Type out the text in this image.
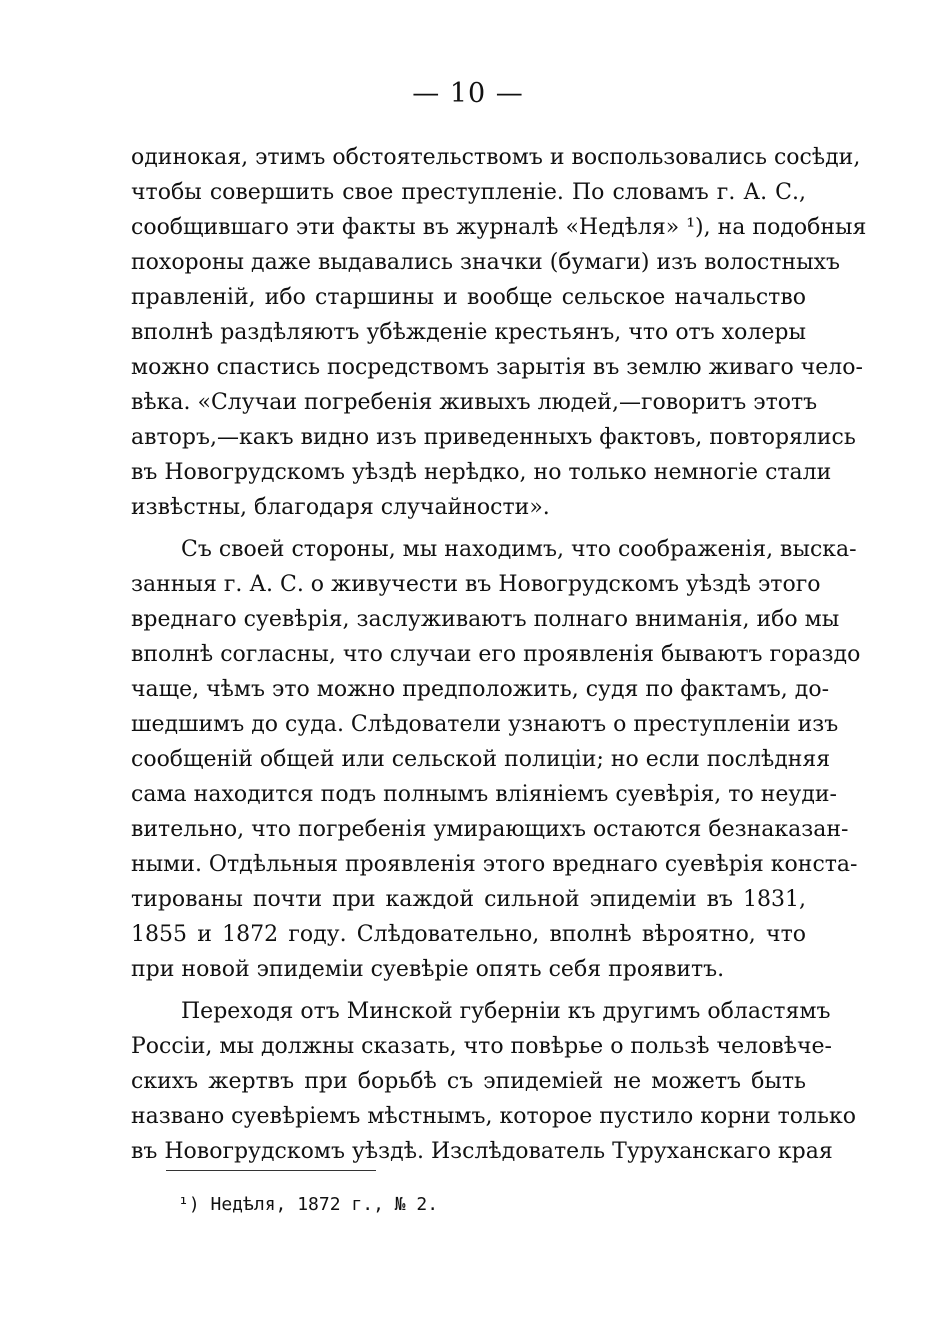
— 10 —
одинокая, этимъ обстоятельствомъ и воспользовались сосѣди,
чтобы совершить свое преступленіе. По словамъ г. А. С.,
сообщившаго эти факты въ журналѣ «Недѣля» ¹), на подобныя
похороны даже выдавались значки (бумаги) изъ волостныхъ
правленій, ибо старшины и вообще сельское начальство
вполнѣ раздѣляютъ убѣжденіе крестьянъ, что отъ холеры
можно спастись посредствомъ зарытія въ землю живаго чело-
вѣка. «Случаи погребенія живыхъ людей,—говоритъ этотъ
авторъ,—какъ видно изъ приведенныхъ фактовъ, повторялись
въ Новогрудскомъ уѣздѣ нерѣдко, но только немногіе стали
извѣстны, благодаря случайности».
Съ своей стороны, мы находимъ, что соображенія, выска-
занныя г. А. С. о живучести въ Новогрудскомъ уѣздѣ этого
вреднаго суевѣрія, заслуживаютъ полнаго вниманія, ибо мы
вполнѣ согласны, что случаи его проявленія бываютъ гораздо
чаще, чѣмъ это можно предположить, судя по фактамъ, до-
шедшимъ до суда. Слѣдователи узнаютъ о преступленіи изъ
сообщеній общей или сельской полиціи; но если послѣдняя
сама находится подъ полнымъ вліяніемъ суевѣрія, то неуди-
вительно, что погребенія умирающихъ остаются безнаказан-
ными. Отдѣльныя проявленія этого вреднаго суевѣрія конста-
тированы почти при каждой сильной эпидеміи въ 1831,
1855 и 1872 году. Слѣдовательно, вполнѣ вѣроятно, что
при новой эпидеміи суевѣріе опять себя проявитъ.
Переходя отъ Минской губерніи къ другимъ областямъ
Россіи, мы должны сказать, что повѣрье о пользѣ человѣче-
скихъ жертвъ при борьбѣ съ эпидеміей не можетъ быть
названо суевѣріемъ мѣстнымъ, которое пустило корни только
въ Новогрудскомъ уѣздѣ. Изслѣдователь Туруханскаго края
¹) Недѣля, 1872 г., № 2.
